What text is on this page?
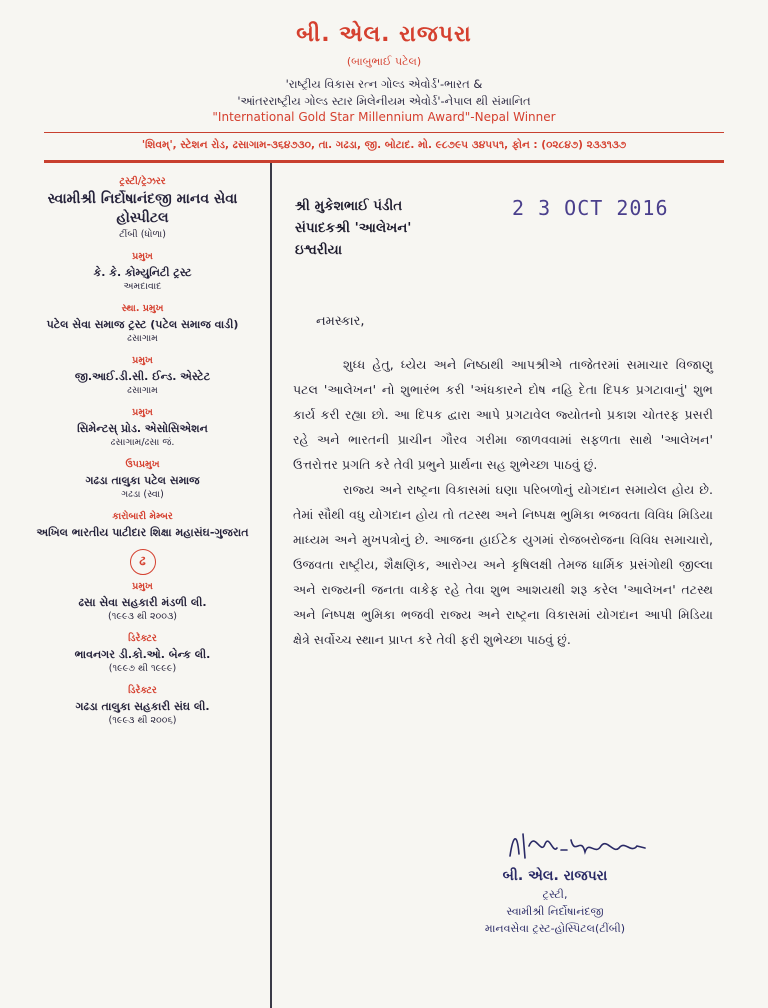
બી. એલ. રાજપરા
(બાબુભાઈ પટેલ)
'રાષ્ટ્રીય વિકાસ રત્ન ગોલ્ડ એવોર્ડ'-ભારત &
'આંતરરાષ્ટ્રીય ગોલ્ડ સ્ટાર મિલેનીયમ એવોર્ડ'-નેપાલ થી સંમાનિત
"International Gold Star Millennium Award"-Nepal Winner
'શિવમ્', સ્ટેશન રોડ, ઢસાગામ-૩૬૪૭૩૦, તા. ગઢડા, જી. બોટાદ. મો. ૯૮૭૯૫ ૩૪૫૫૧, ફોન : (૦૨૮૪૭) ૨૩૩૧૩૭
ટ્રસ્ટી/ટ્રેઝરર
સ્વામીશ્રી નિર્દોષાનંદજી માનવ સેવા હોસ્પીટલ
ટીંબી (ધોળા)
પ્રમુખ
કે. કે. કોમ્યુનિટી ટ્રસ્ટ
અમદાવાદ
સ્થા. પ્રમુખ
પટેલ સેવા સમાજ ટ્રસ્ટ (પટેલ સમાજ વાડી)
ઢસાગામ
પ્રમુખ
જી.આઈ.ડી.સી. ઈન્ડ. એસ્ટેટ
ઢસાગામ
પ્રમુખ
સિમેન્ટસ્ પ્રોડ. એસોસિએશન
ઢસાગામ/ઢસા જં.
ઉપપ્રમુખ
ગઢડા તાલુકા પટેલ સમાજ
ગઢડા (સ્વા)
કારોબારી મેમ્બર
અખિલ ભારતીય પાટીદાર શિક્ષા મહાસંઘ-ગુજરાત
ઢ
પ્રમુખ
ઢસા સેવા સહકારી મંડળી લી.
(૧૯૯૩ થી ૨૦૦૩)
ડિરેક્ટર
ભાવનગર ડી.કો.ઓ. બેન્ક લી.
(૧૯૯૭ થી ૧૯૯૯)
ડિરેક્ટર
ગઢડા તાલુકા સહકારી સંઘ લી.
(૧૯૯૩ થી ૨૦૦૬)
શ્રી મુકેશભાઈ પંડીત
સંપાદકશ્રી 'આલેખન'
ઇશ્વરીયા
2 3 OCT 2016
નમસ્કાર,

શુધ્ધ હેતુ, ધ્યેય અને નિષ્ઠાથી આપશ્રીએ તાજેતરમાં સમાચાર વિજાણુ પટલ 'આલેખન' નો શુભારંભ કરી 'અંધકારને દોષ નહિ દેતા દિપક પ્રગટાવાનું' શુભ કાર્ય કરી રહ્યા છો. આ દિપક દ્વારા આપે પ્રગટાવેલ જ્યોતનો પ્રકાશ ચોતરફ પ્રસરી રહે અને ભારતની પ્રાચીન ગૌરવ ગરીમા જાળવવામાં સફળતા સાથે 'આલેખન' ઉત્તરોત્તર પ્રગતિ કરે તેવી પ્રભુને પ્રાર્થના સહ શુભેચ્છા પાઠવું છું.

રાજ્ય અને રાષ્ટ્રના વિકાસમાં ઘણા પરિબળોનું યોગદાન સમાયેલ હોય છે. તેમાં સૌથી વધુ યોગદાન હોય તો તટસ્થ અને નિષ્પક્ષ ભુમિકા ભજવતા વિવિધ મિડિયા માધ્યમ અને મુખપત્રોનું છે. આજના હાઈટેક યુગમાં રોજબરોજના વિવિધ સમાચારો, ઉજવતા રાષ્ટ્રીય, શૈક્ષણિક, આરોગ્ય અને કૃષિલક્ષી તેમજ ધાર્મિક પ્રસંગોથી જીલ્લા અને રાજ્યની જનતા વાકેફ રહે તેવા શુભ આશયથી શરૂ કરેલ 'આલેખન' તટસ્થ અને નિષ્પક્ષ ભુમિકા ભજવી રાજ્ય અને રાષ્ટ્રના વિકાસમાં યોગદાન આપી મિડિયા ક્ષેત્રે સર્વોચ્ચ સ્થાન પ્રાપ્ત કરે તેવી ફરી શુભેચ્છા પાઠવું છું.

બી. એલ. રાજપરા
ટ્રસ્ટી,
સ્વામીશ્રી નિર્દોષાનંદજી
માનવસેવા ટ્રસ્ટ-હોસ્પિટલ(ટીંબી)
